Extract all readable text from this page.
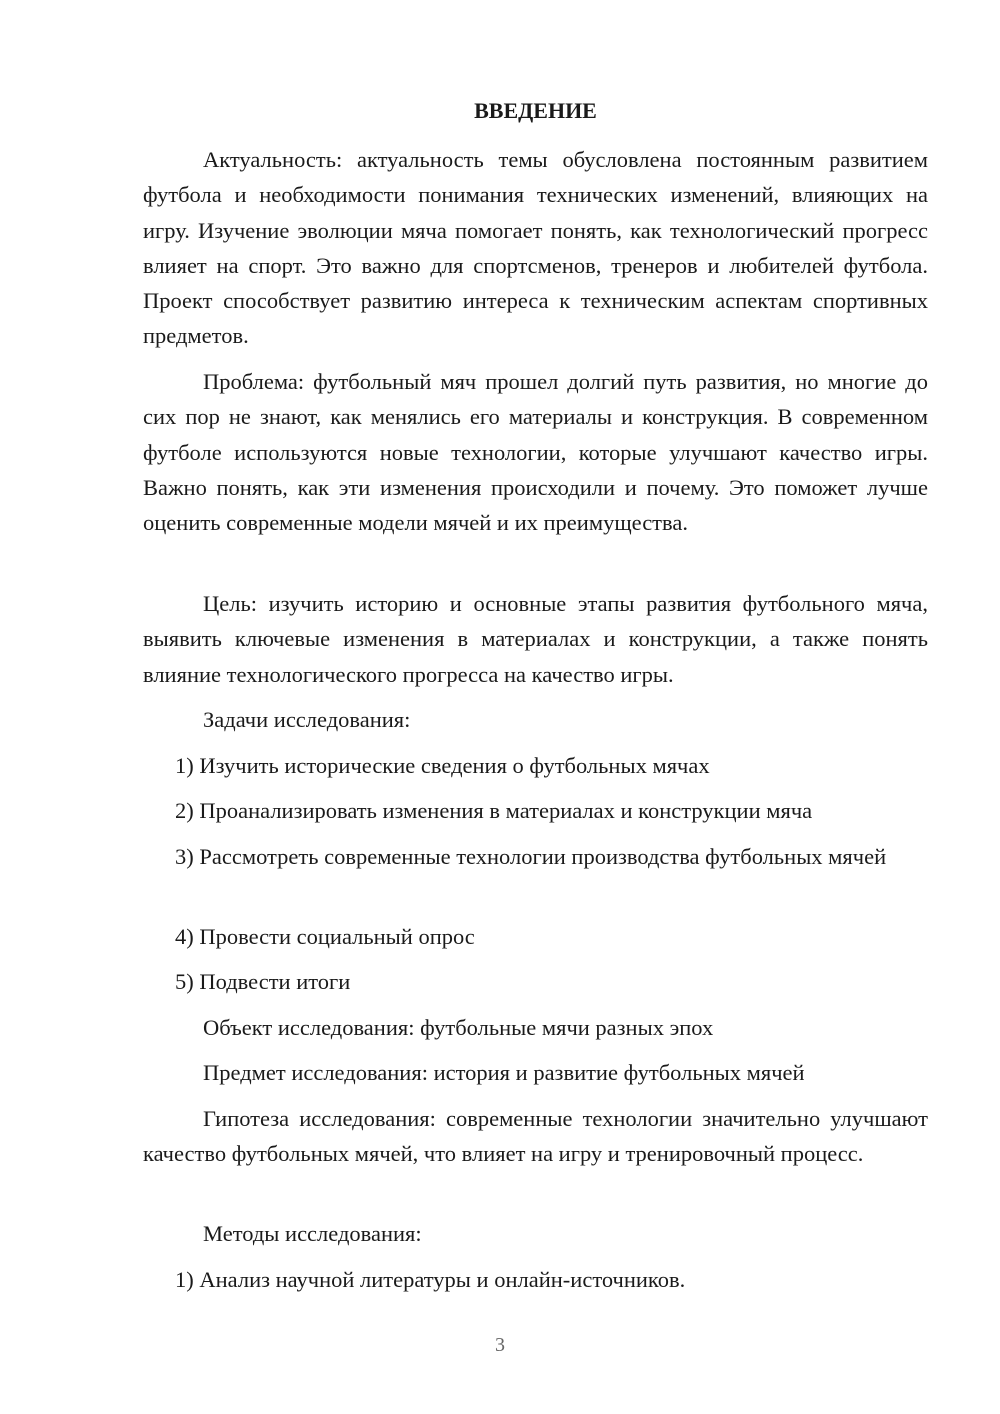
ВВЕДЕНИЕ

Актуальность: актуальность темы обусловлена постоянным развитием футбола и необходимости понимания технических изменений, влияющих на игру. Изучение эволюции мяча помогает понять, как технологический прогресс влияет на спорт. Это важно для спортсменов, тренеров и любителей футбола. Проект способствует развитию интереса к техническим аспектам спортивных предметов.

Проблема: футбольный мяч прошел долгий путь развития, но многие до сих пор не знают, как менялись его материалы и конструкция. В современном футболе используются новые технологии, которые улучшают качество игры. Важно понять, как эти изменения происходили и почему. Это поможет лучше оценить современные модели мячей и их преимущества.

Цель: изучить историю и основные этапы развития футбольного мяча, выявить ключевые изменения в материалах и конструкции, а также понять влияние технологического прогресса на качество игры.

Задачи исследования:

1) Изучить исторические сведения о футбольных мячах

2) Проанализировать изменения в материалах и конструкции мяча

3) Рассмотреть современные технологии производства футбольных мячей

4) Провести социальный опрос

5) Подвести итоги

Объект исследования: футбольные мячи разных эпох

Предмет исследования: история и развитие футбольных мячей

Гипотеза исследования: современные технологии значительно улучшают качество футбольных мячей, что влияет на игру и тренировочный процесс.

Методы исследования:

1) Анализ научной литературы и онлайн-источников.

3
